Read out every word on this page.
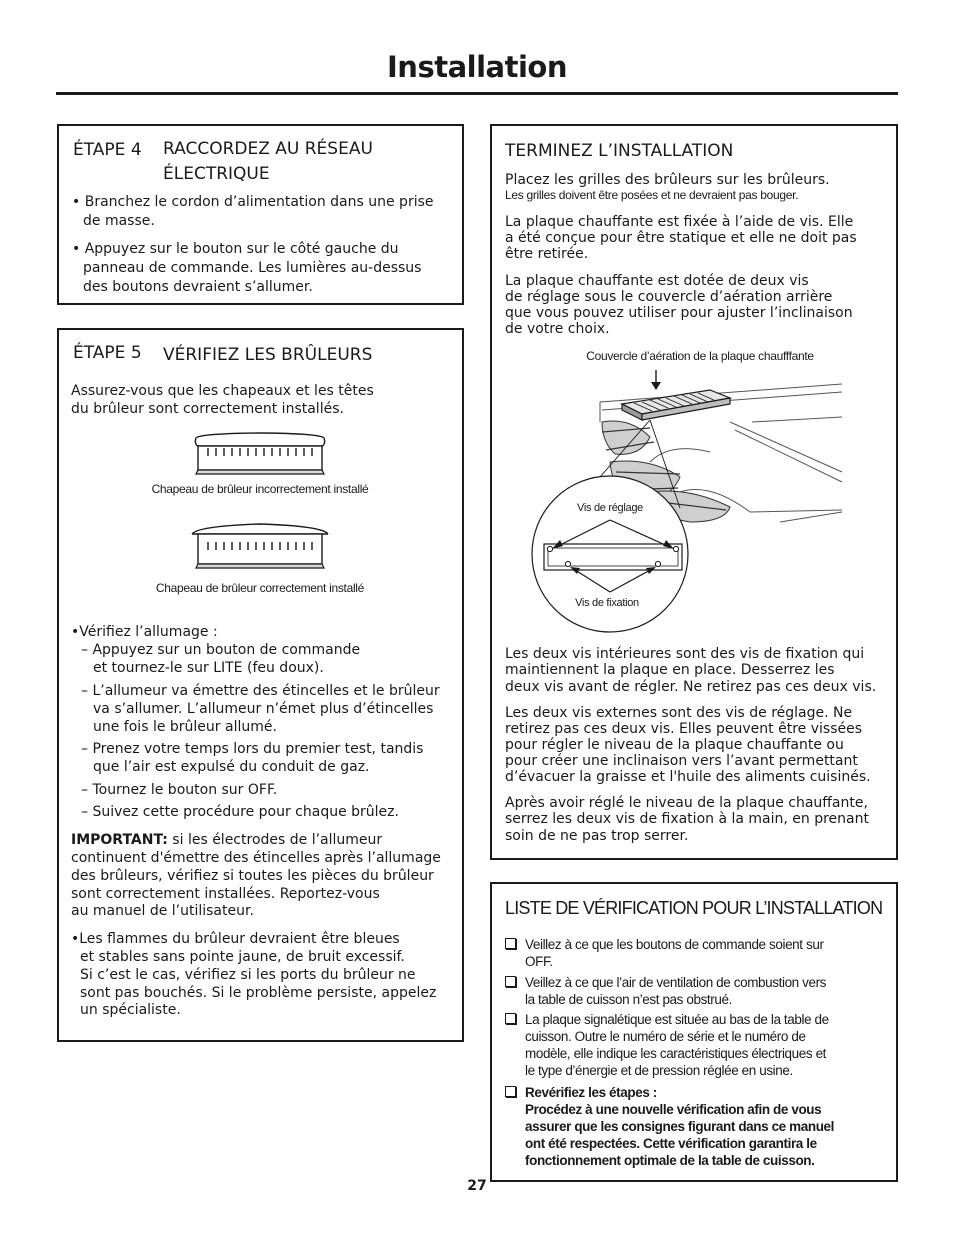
Installation
ÉTAPE 4 RACCORDEZ AU RÉSEAU
ÉLECTRIQUE
• Branchez le cordon d’alimentation dans une prise
de masse.
• Appuyez sur le bouton sur le côté gauche du
panneau de commande. Les lumières au-dessus
des boutons devraient s’allumer.
ÉTAPE 5 VÉRIFIEZ LES BRÛLEURS
Assurez-vous que les chapeaux et les têtes
du brûleur sont correctement installés.
Chapeau de brûleur incorrectement installé
Chapeau de brûleur correctement installé
•Vérifiez l’allumage :
– Appuyez sur un bouton de commande
et tournez-le sur LITE (feu doux).
– L’allumeur va émettre des étincelles et le brûleur
va s’allumer. L’allumeur n’émet plus d’étincelles
une fois le brûleur allumé.
– Prenez votre temps lors du premier test, tandis
que l’air est expulsé du conduit de gaz.
– Tournez le bouton sur OFF.
– Suivez cette procédure pour chaque brûlez.
IMPORTANT: si les électrodes de l’allumeur
continuent d'émettre des étincelles après l’allumage
des brûleurs, vérifiez si toutes les pièces du brûleur
sont correctement installées. Reportez-vous
au manuel de l’utilisateur.
•Les flammes du brûleur devraient être bleues
et stables sans pointe jaune, de bruit excessif.
Si c’est le cas, vérifiez si les ports du brûleur ne
sont pas bouchés. Si le problème persiste, appelez
un spécialiste.
TERMINEZ L’INSTALLATION
Placez les grilles des brûleurs sur les brûleurs.
Les grilles doivent être posées et ne devraient pas bouger.
La plaque chauffante est fixée à l’aide de vis. Elle
a été conçue pour être statique et elle ne doit pas
être retirée.
La plaque chauffante est dotée de deux vis
de réglage sous le couvercle d’aération arrière
que vous pouvez utiliser pour ajuster l’inclinaison
de votre choix.
Couvercle d’aération de la plaque chaufffante
Vis de réglage
Vis de fixation
Les deux vis intérieures sont des vis de fixation qui
maintiennent la plaque en place. Desserrez les
deux vis avant de régler. Ne retirez pas ces deux vis.
Les deux vis externes sont des vis de réglage. Ne
retirez pas ces deux vis. Elles peuvent être vissées
pour régler le niveau de la plaque chauffante ou
pour créer une inclinaison vers l’avant permettant
d’évacuer la graisse et l'huile des aliments cuisinés.
Après avoir réglé le niveau de la plaque chauffante,
serrez les deux vis de fixation à la main, en prenant
soin de ne pas trop serrer.
LISTE DE VÉRIFICATION POUR L’INSTALLATION
Veillez à ce que les boutons de commande soient sur
OFF.
Veillez à ce que l’air de ventilation de combustion vers
la table de cuisson n’est pas obstrué.
La plaque signalétique est située au bas de la table de
cuisson. Outre le numéro de série et le numéro de
modèle, elle indique les caractéristiques électriques et
le type d’énergie et de pression réglée en usine.
Revérifiez les étapes :
Procédez à une nouvelle vérification afin de vous
assurer que les consignes figurant dans ce manuel
ont été respectées. Cette vérification garantira le
fonctionnement optimale de la table de cuisson.
27
